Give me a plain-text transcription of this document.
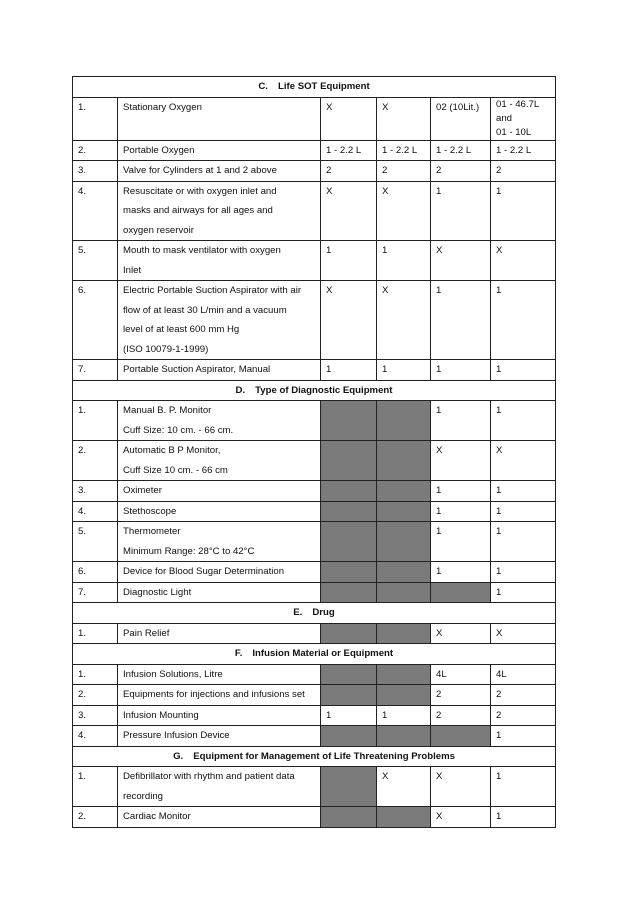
C. Life SOT Equipment					
1.	Stationary Oxygen	X	X	02 (10Lit.)	01 - 46.7L
and
01 - 10L

2.	Portable Oxygen	1 - 2.2 L	1 - 2.2 L	1 - 2.2 L	1 - 2.2 L
3.	Valve for Cylinders at 1 and 2 above	2	2	2	2
4.	Resuscitate or with oxygen inlet and
masks and airways for all ages and
oxygen reservoir	X	X	1	1
5.	Mouth to mask ventilator with oxygen
Inlet	1	1	X	X
6.	Electric Portable Suction Aspirator with air
flow of at least 30 L/min and a vacuum
level of at least 600 mm Hg
(ISO 10079-1-1999)	X	X	1	1
7.	Portable Suction Aspirator, Manual	1	1	1	1
D. Type of Diagnostic Equipment					
1.	Manual B. P. Monitor
Cuff Size: 10 cm. - 66 cm.			1	1
2.	Automatic B P Monitor,
Cuff Size 10 cm. - 66 cm			X	X
3.	Oximeter			1	1
4.	Stethoscope			1	1
5.	Thermometer
Minimum Range: 28°C to 42°C			1	1
6.	Device for Blood Sugar Determination			1	1
7.	Diagnostic Light				1
E. Drug					
1.	Pain Relief			X	X
F. Infusion Material or Equipment					
1.	Infusion Solutions, Litre			4L	4L
2.	Equipments for injections and infusions set			2	2
3.	Infusion Mounting	1	1	2	2
4.	Pressure Infusion Device				1
G. Equipment for Management of Life Threatening Problems					
1.	Defibrillator with rhythm and patient data
recording		X	X	1
2.	Cardiac Monitor			X	1
